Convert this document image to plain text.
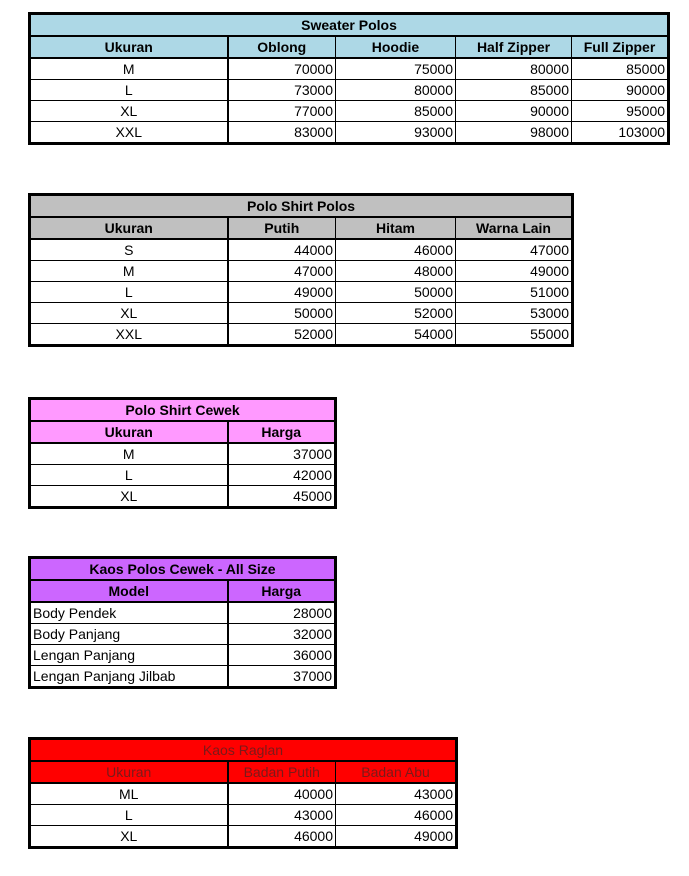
Sweater Polos				
Ukuran	Oblong	Hoodie	Half Zipper	Full Zipper
M	70000	75000	80000	85000
L	73000	80000	85000	90000
XL	77000	85000	90000	95000
XXL	83000	93000	98000	103000
Polo Shirt Polos			
Ukuran	Putih	Hitam	Warna Lain
S	44000	46000	47000
M	47000	48000	49000
L	49000	50000	51000
XL	50000	52000	53000
XXL	52000	54000	55000
Polo Shirt Cewek	
Ukuran	Harga
M	37000
L	42000
XL	45000
Kaos Polos Cewek - All Size	
Model	Harga
Body Pendek	28000
Body Panjang	32000
Lengan Panjang	36000
Lengan Panjang Jilbab	37000
Kaos Raglan		
Ukuran	Badan Putih	Badan Abu
ML	40000	43000
L	43000	46000
XL	46000	49000
